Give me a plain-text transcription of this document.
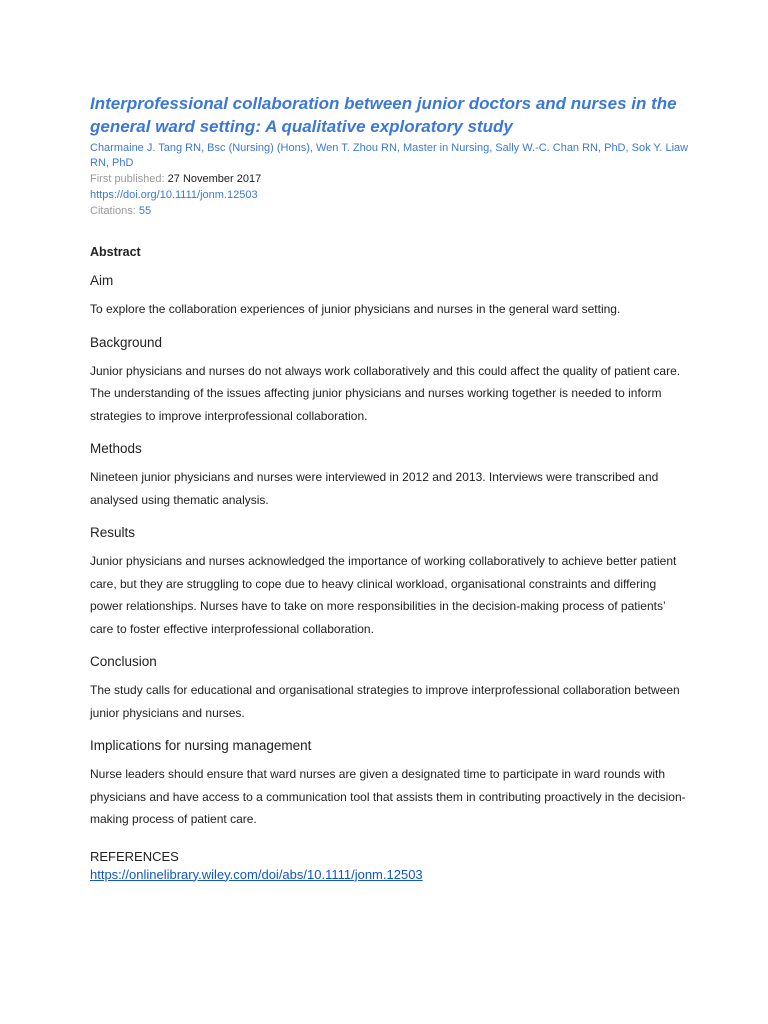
Interprofessional collaboration between junior doctors and nurses in the general ward setting: A qualitative exploratory study
Charmaine J. Tang RN, Bsc (Nursing) (Hons), Wen T. Zhou RN, Master in Nursing, Sally W.-C. Chan RN, PhD, Sok Y. Liaw RN, PhD
First published: 27 November 2017
https://doi.org/10.1111/jonm.12503
Citations: 55
Abstract
Aim
To explore the collaboration experiences of junior physicians and nurses in the general ward setting.
Background
Junior physicians and nurses do not always work collaboratively and this could affect the quality of patient care. The understanding of the issues affecting junior physicians and nurses working together is needed to inform strategies to improve interprofessional collaboration.
Methods
Nineteen junior physicians and nurses were interviewed in 2012 and 2013. Interviews were transcribed and analysed using thematic analysis.
Results
Junior physicians and nurses acknowledged the importance of working collaboratively to achieve better patient care, but they are struggling to cope due to heavy clinical workload, organisational constraints and differing power relationships. Nurses have to take on more responsibilities in the decision-making process of patients’ care to foster effective interprofessional collaboration.
Conclusion
The study calls for educational and organisational strategies to improve interprofessional collaboration between junior physicians and nurses.
Implications for nursing management
Nurse leaders should ensure that ward nurses are given a designated time to participate in ward rounds with physicians and have access to a communication tool that assists them in contributing proactively in the decision-making process of patient care.
REFERENCES
https://onlinelibrary.wiley.com/doi/abs/10.1111/jonm.12503
